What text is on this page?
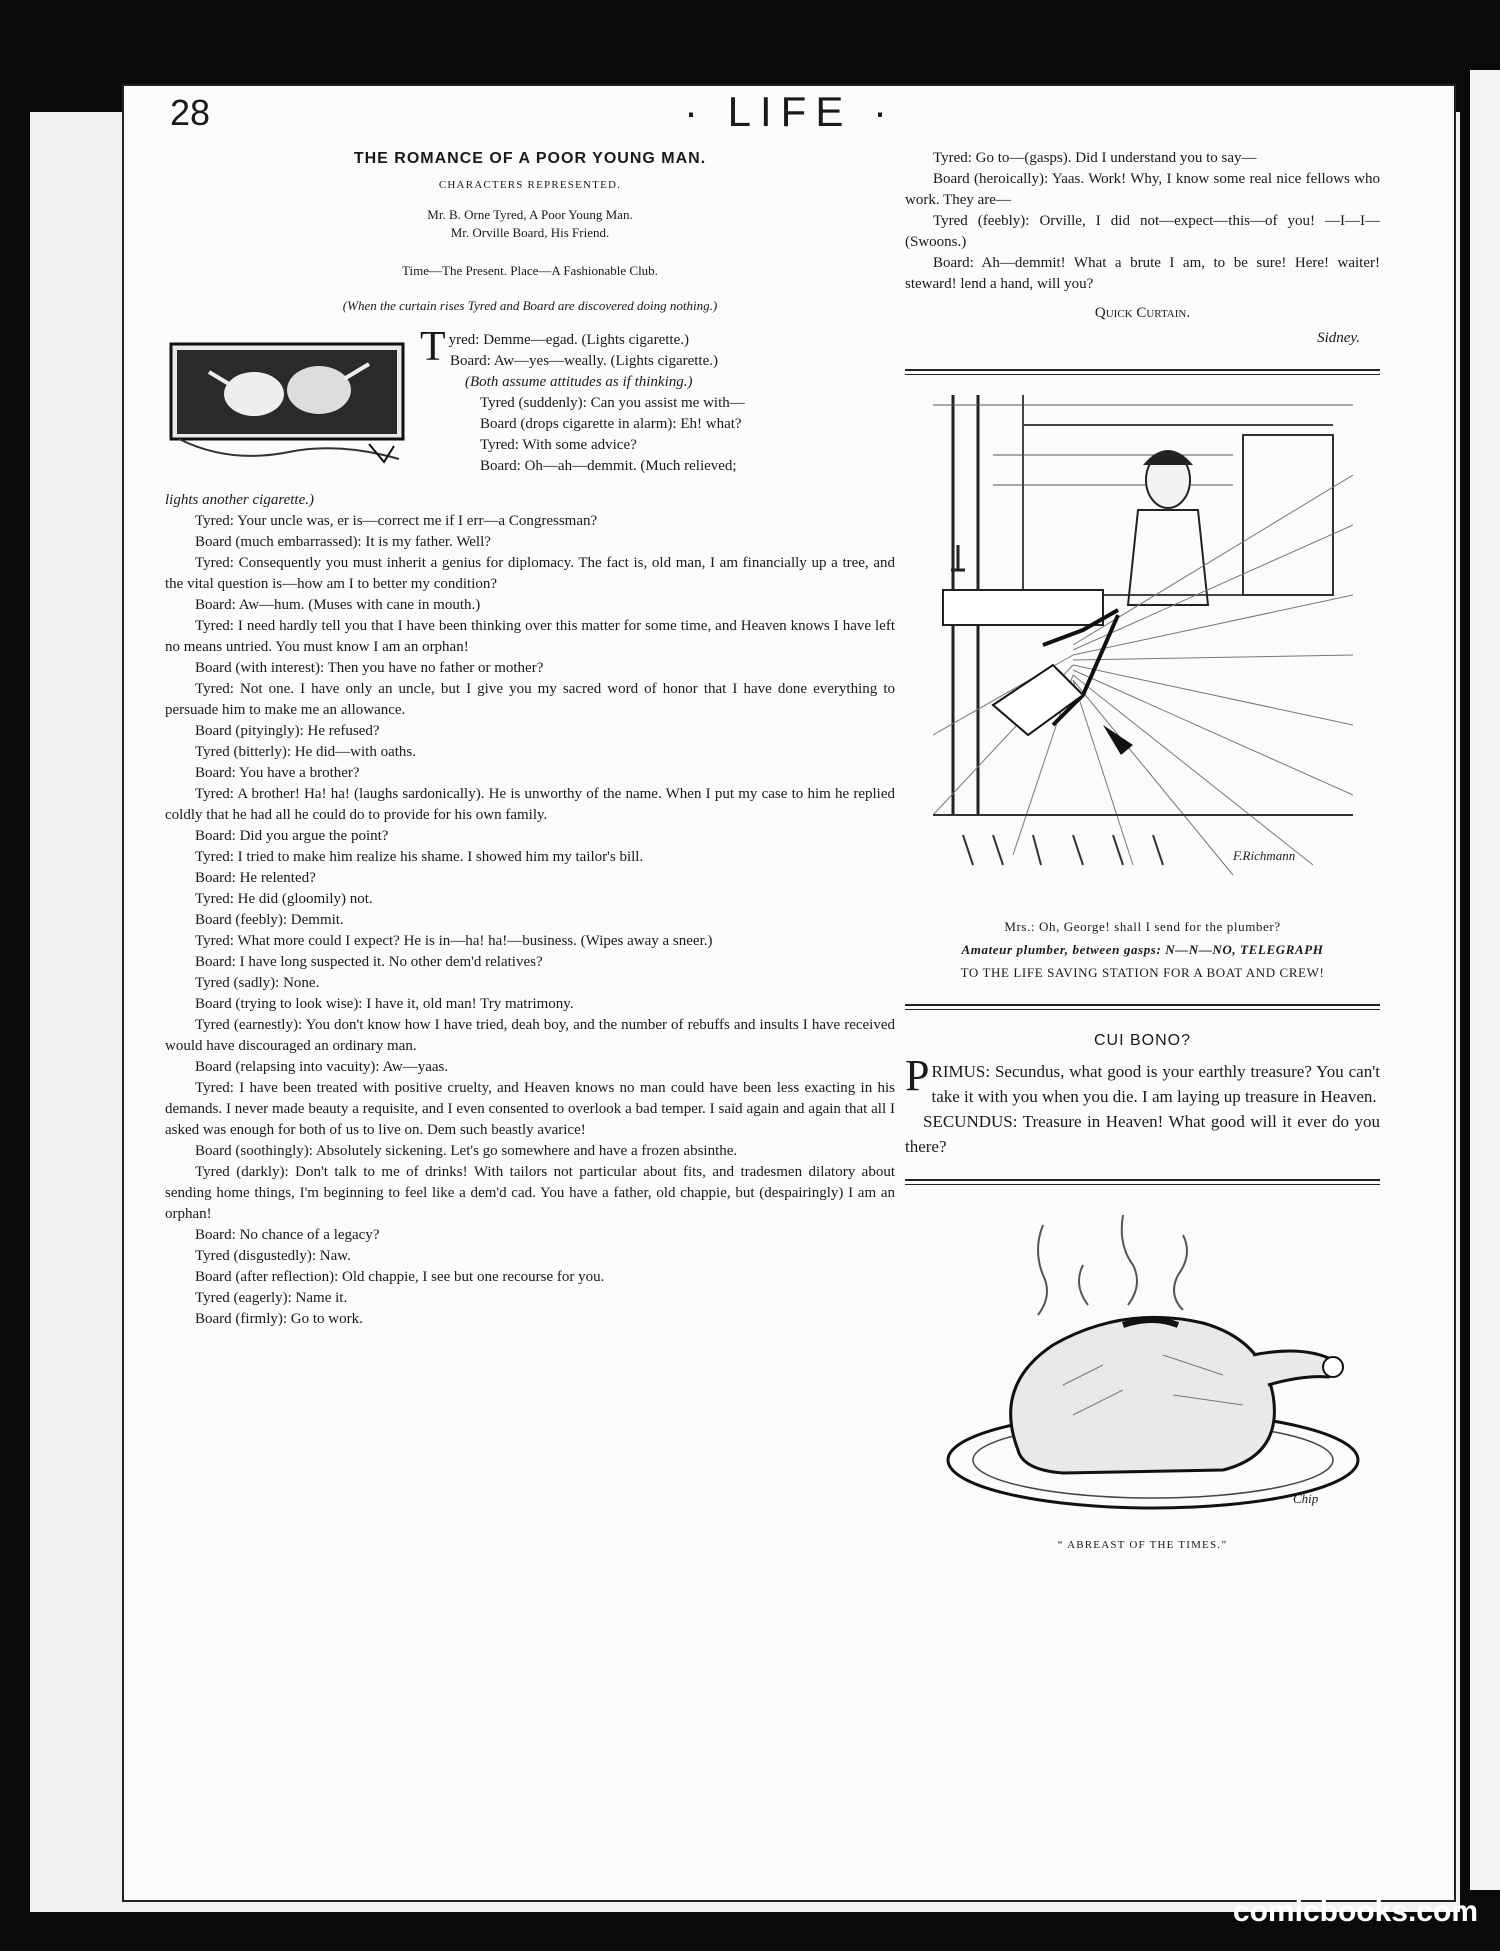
28	· LIFE ·
THE ROMANCE OF A POOR YOUNG MAN.
CHARACTERS REPRESENTED.
Mr. B. Orne Tyred, A Poor Young Man.
Mr. Orville Board, His Friend.
Time—The Present. Place—A Fashionable Club.
(When the curtain rises Tyred and Board are discovered doing nothing.)
Tyred: Demme—egad. (Lights cigarette.)
Board: Aw—yes—weally. (Lights cigarette.)
(Both assume attitudes as if thinking.)
Tyred (suddenly): Can you assist me with—
Board (drops cigarette in alarm): Eh! what?
Tyred: With some advice?
Board: Oh—ah—demmit. (Much relieved;
lights another cigarette.)
Tyred: Your uncle was, er is—correct me if I err—a Congressman?
Board (much embarrassed): It is my father. Well?
Tyred: Consequently you must inherit a genius for diplomacy. The fact is, old man, I am financially up a tree, and the vital question is—how am I to better my condition?
Board: Aw—hum. (Muses with cane in mouth.)
Tyred: I need hardly tell you that I have been thinking over this matter for some time, and Heaven knows I have left no means untried. You must know I am an orphan!
Board (with interest): Then you have no father or mother?
Tyred: Not one. I have only an uncle, but I give you my sacred word of honor that I have done everything to persuade him to make me an allowance.
Board (pityingly): He refused?
Tyred (bitterly): He did—with oaths.
Board: You have a brother?
Tyred: A brother! Ha! ha! (laughs sardonically). He is unworthy of the name. When I put my case to him he replied coldly that he had all he could do to provide for his own family.
Board: Did you argue the point?
Tyred: I tried to make him realize his shame. I showed him my tailor's bill.
Board: He relented?
Tyred: He did (gloomily) not.
Board (feebly): Demmit.
Tyred: What more could I expect? He is in—ha! ha!—business. (Wipes away a sneer.)
Board: I have long suspected it. No other dem'd relatives?
Tyred (sadly): None.
Board (trying to look wise): I have it, old man! Try matrimony.
Tyred (earnestly): You don't know how I have tried, deah boy, and the number of rebuffs and insults I have received would have discouraged an ordinary man.
Board (relapsing into vacuity): Aw—yaas.
Tyred: I have been treated with positive cruelty, and Heaven knows no man could have been less exacting in his demands. I never made beauty a requisite, and I even consented to overlook a bad temper. I said again and again that all I asked was enough for both of us to live on. Dem such beastly avarice!
Board (soothingly): Absolutely sickening. Let's go somewhere and have a frozen absinthe.
Tyred (darkly): Don't talk to me of drinks! With tailors not particular about fits, and tradesmen dilatory about sending home things, I'm beginning to feel like a dem'd cad. You have a father, old chappie, but (despairingly) I am an orphan!
Board: No chance of a legacy?
Tyred (disgustedly): Naw.
Board (after reflection): Old chappie, I see but one recourse for you.
Tyred (eagerly): Name it.
Board (firmly): Go to work.
Tyred: Go to—(gasps). Did I understand you to say—
Board (heroically): Yaas. Work! Why, I know some real nice fellows who work. They are—
Tyred (feebly): Orville, I did not—expect—this—of you! —I—I— (Swoons.)
Board: Ah—demmit! What a brute I am, to be sure! Here! waiter! steward! lend a hand, will you?
Quick Curtain.
Sidney.
F.Richmann
Mrs.: Oh, George! shall I send for the plumber?
Amateur plumber, between gasps: N—N—NO, TELEGRAPH
TO THE LIFE SAVING STATION FOR A BOAT AND CREW!
CUI BONO?
PRIMUS: Secundus, what good is your earthly treasure? You can't take it with you when you die. I am laying up treasure in Heaven.
SECUNDUS: Treasure in Heaven! What good will it ever do you there?
Chip
“ ABREAST OF THE TIMES.”
comicbooks.com
